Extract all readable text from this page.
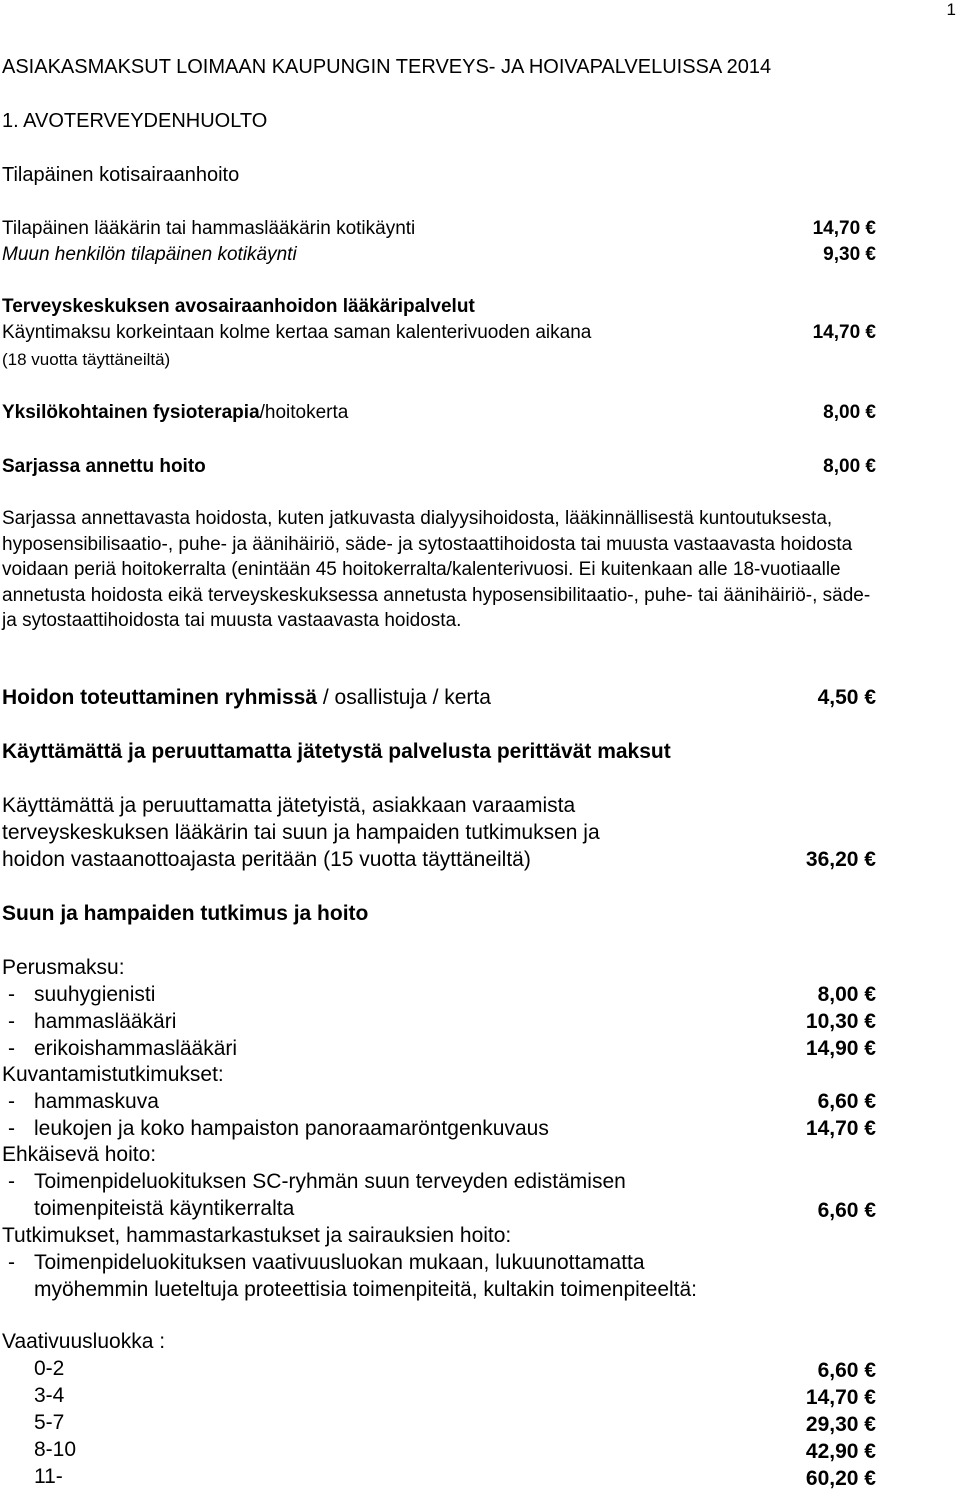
1
ASIAKASMAKSUT LOIMAAN KAUPUNGIN TERVEYS- JA HOIVAPALVELUISSA 2014
1. AVOTERVEYDENHUOLTO
Tilapäinen kotisairaanhoito
Tilapäinen lääkärin tai hammaslääkärin kotikäynti	14,70 €
Muun henkilön tilapäinen kotikäynti	9,30 €
Terveyskeskuksen avosairaanhoidon lääkäripalvelut
Käyntimaksu korkeintaan kolme kertaa saman kalenterivuoden aikana	14,70 €
(18 vuotta täyttäneiltä)
Yksilökohtainen fysioterapia/hoitokerta	8,00 €
Sarjassa annettu hoito	8,00 €
Sarjassa annettavasta hoidosta, kuten jatkuvasta dialyysihoidosta, lääkinnällisestä kuntoutuksesta, hyposensibilisaatio-, puhe- ja äänihäiriö, säde- ja sytostaattihoidosta tai muusta vastaavasta hoidosta voidaan periä hoitokerralta (enintään 45 hoitokerralta/kalenterivuosi. Ei kuitenkaan alle 18-vuotiaalle annetusta hoidosta eikä terveyskeskuksessa annetusta hyposensibilitaatio-, puhe- tai äänihäiriö-, säde- ja sytostaattihoidosta tai muusta vastaavasta hoidosta.
Hoidon toteuttaminen ryhmissä / osallistuja / kerta	4,50 €
Käyttämättä ja peruuttamatta jätetystä palvelusta perittävät maksut
Käyttämättä ja peruuttamatta jätetyistä, asiakkaan varaamista
terveyskeskuksen lääkärin tai suun ja hampaiden tutkimuksen ja
hoidon vastaanottoajasta peritään (15 vuotta täyttäneiltä)	36,20 €
Suun ja hampaiden tutkimus ja hoito
Perusmaksu:
- suuhygienisti	8,00 €
- hammaslääkäri	10,30 €
- erikoishammaslääkäri	14,90 €
Kuvantamistutkimukset:
- hammaskuva	6,60 €
- leukojen ja koko hampaiston panoraamaröntgenkuvaus	14,70 €
Ehkäisevä hoito:
- Toimenpideluokituksen SC-ryhmän suun terveyden edistämisen
toimenpiteistä käyntikerralta	6,60 €
Tutkimukset, hammastarkastukset ja sairauksien hoito:
- Toimenpideluokituksen vaativuusluokan mukaan, lukuunottamatta
myöhemmin lueteltuja proteettisia toimenpiteitä, kultakin toimenpiteeltä:
Vaativuusluokka :
0-2	6,60 €
3-4	14,70 €
5-7	29,30 €
8-10	42,90 €
11-	60,20 €
